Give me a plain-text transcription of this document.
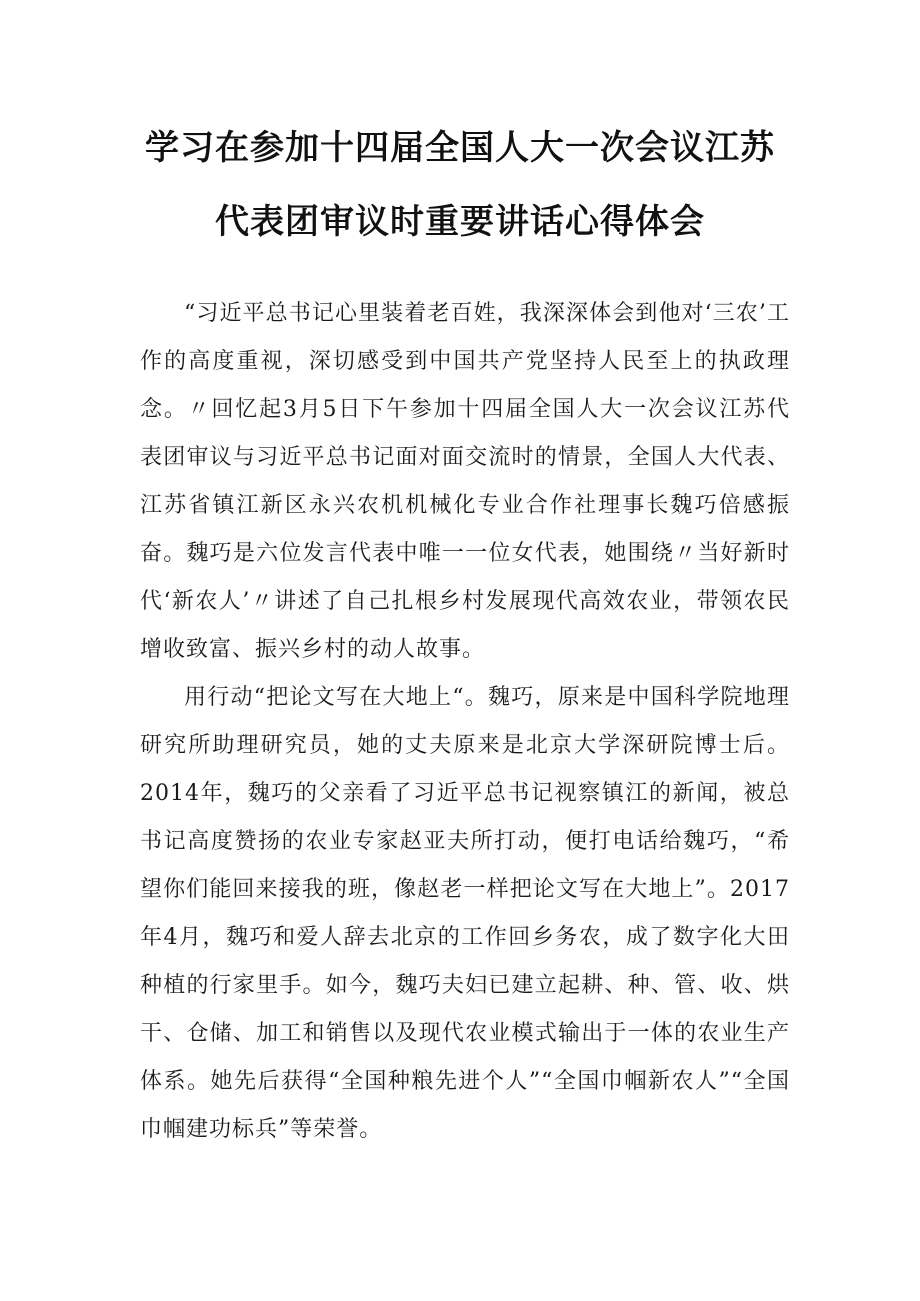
学习在参加十四届全国人大一次会议江苏
代表团审议时重要讲话心得体会

“习近平总书记心里装着老百姓，我深深体会到他对‘三农’工作的高度重视，深切感受到中国共产党坚持人民至上的执政理念。〃回忆起3月5日下午参加十四届全国人大一次会议江苏代表团审议与习近平总书记面对面交流时的情景，全国人大代表、江苏省镇江新区永兴农机机械化专业合作社理事长魏巧倍感振奋。魏巧是六位发言代表中唯一一位女代表，她围绕〃当好新时代‘新农人’〃讲述了自己扎根乡村发展现代高效农业，带领农民增收致富、振兴乡村的动人故事。

用行动“把论文写在大地上“。魏巧，原来是中国科学院地理研究所助理研究员，她的丈夫原来是北京大学深研院博士后。2014年，魏巧的父亲看了习近平总书记视察镇江的新闻，被总书记高度赞扬的农业专家赵亚夫所打动，便打电话给魏巧，“希望你们能回来接我的班，像赵老一样把论文写在大地上”。2017年4月，魏巧和爱人辞去北京的工作回乡务农，成了数字化大田种植的行家里手。如今，魏巧夫妇已建立起耕、种、管、收、烘干、仓储、加工和销售以及现代农业模式输出于一体的农业生产体系。她先后获得“全国种粮先进个人”“全国巾帼新农人”“全国巾帼建功标兵”等荣誉。
